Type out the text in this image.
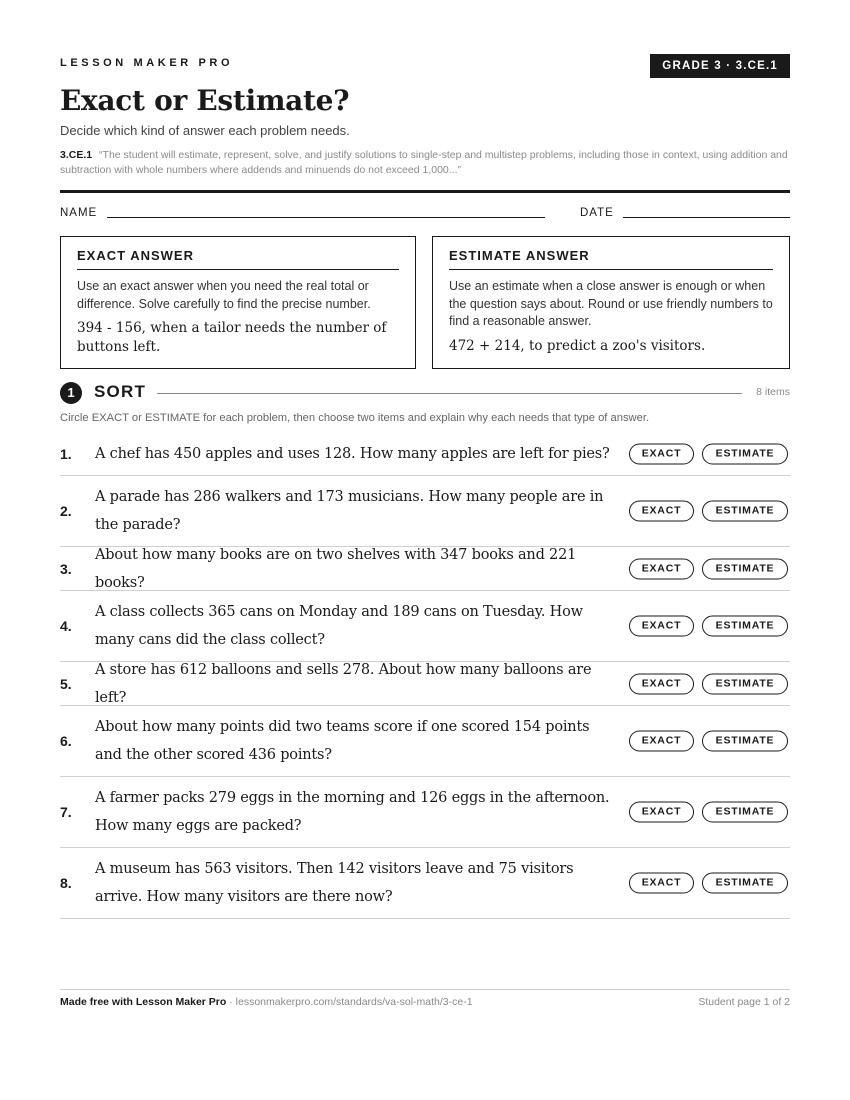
LESSON MAKER PRO	GRADE 3 · 3.CE.1
Exact or Estimate?
Decide which kind of answer each problem needs.
3.CE.1 “The student will estimate, represent, solve, and justify solutions to single-step and multistep problems, including those in context, using addition and subtraction with whole numbers where addends and minuends do not exceed 1,000...”
NAME	DATE
EXACT ANSWER
Use an exact answer when you need the real total or difference. Solve carefully to find the precise number.
394 - 156, when a tailor needs the number of buttons left.
ESTIMATE ANSWER
Use an estimate when a close answer is enough or when the question says about. Round or use friendly numbers to find a reasonable answer.
472 + 214, to predict a zoo's visitors.
1	SORT	8 items
Circle EXACT or ESTIMATE for each problem, then choose two items and explain why each needs that type of answer.
1.	A chef has 450 apples and uses 128. How many apples are left for pies?	EXACT	ESTIMATE
2.
A parade has 286 walkers and 173 musicians. How many people are in the parade?
EXACT	ESTIMATE
3.
About how many books are on two shelves with 347 books and 221 books?
EXACT	ESTIMATE
4.
A class collects 365 cans on Monday and 189 cans on Tuesday. How many cans did the class collect?
EXACT	ESTIMATE
5.
A store has 612 balloons and sells 278. About how many balloons are left?
EXACT	ESTIMATE
6.
About how many points did two teams score if one scored 154 points and the other scored 436 points?
EXACT	ESTIMATE
7.
A farmer packs 279 eggs in the morning and 126 eggs in the afternoon. How many eggs are packed?
EXACT	ESTIMATE
8.
A museum has 563 visitors. Then 142 visitors leave and 75 visitors arrive. How many visitors are there now?
EXACT	ESTIMATE
Made free with Lesson Maker Pro · lessonmakerpro.com/standards/va-sol-math/3-ce-1	Student page 1 of 2
